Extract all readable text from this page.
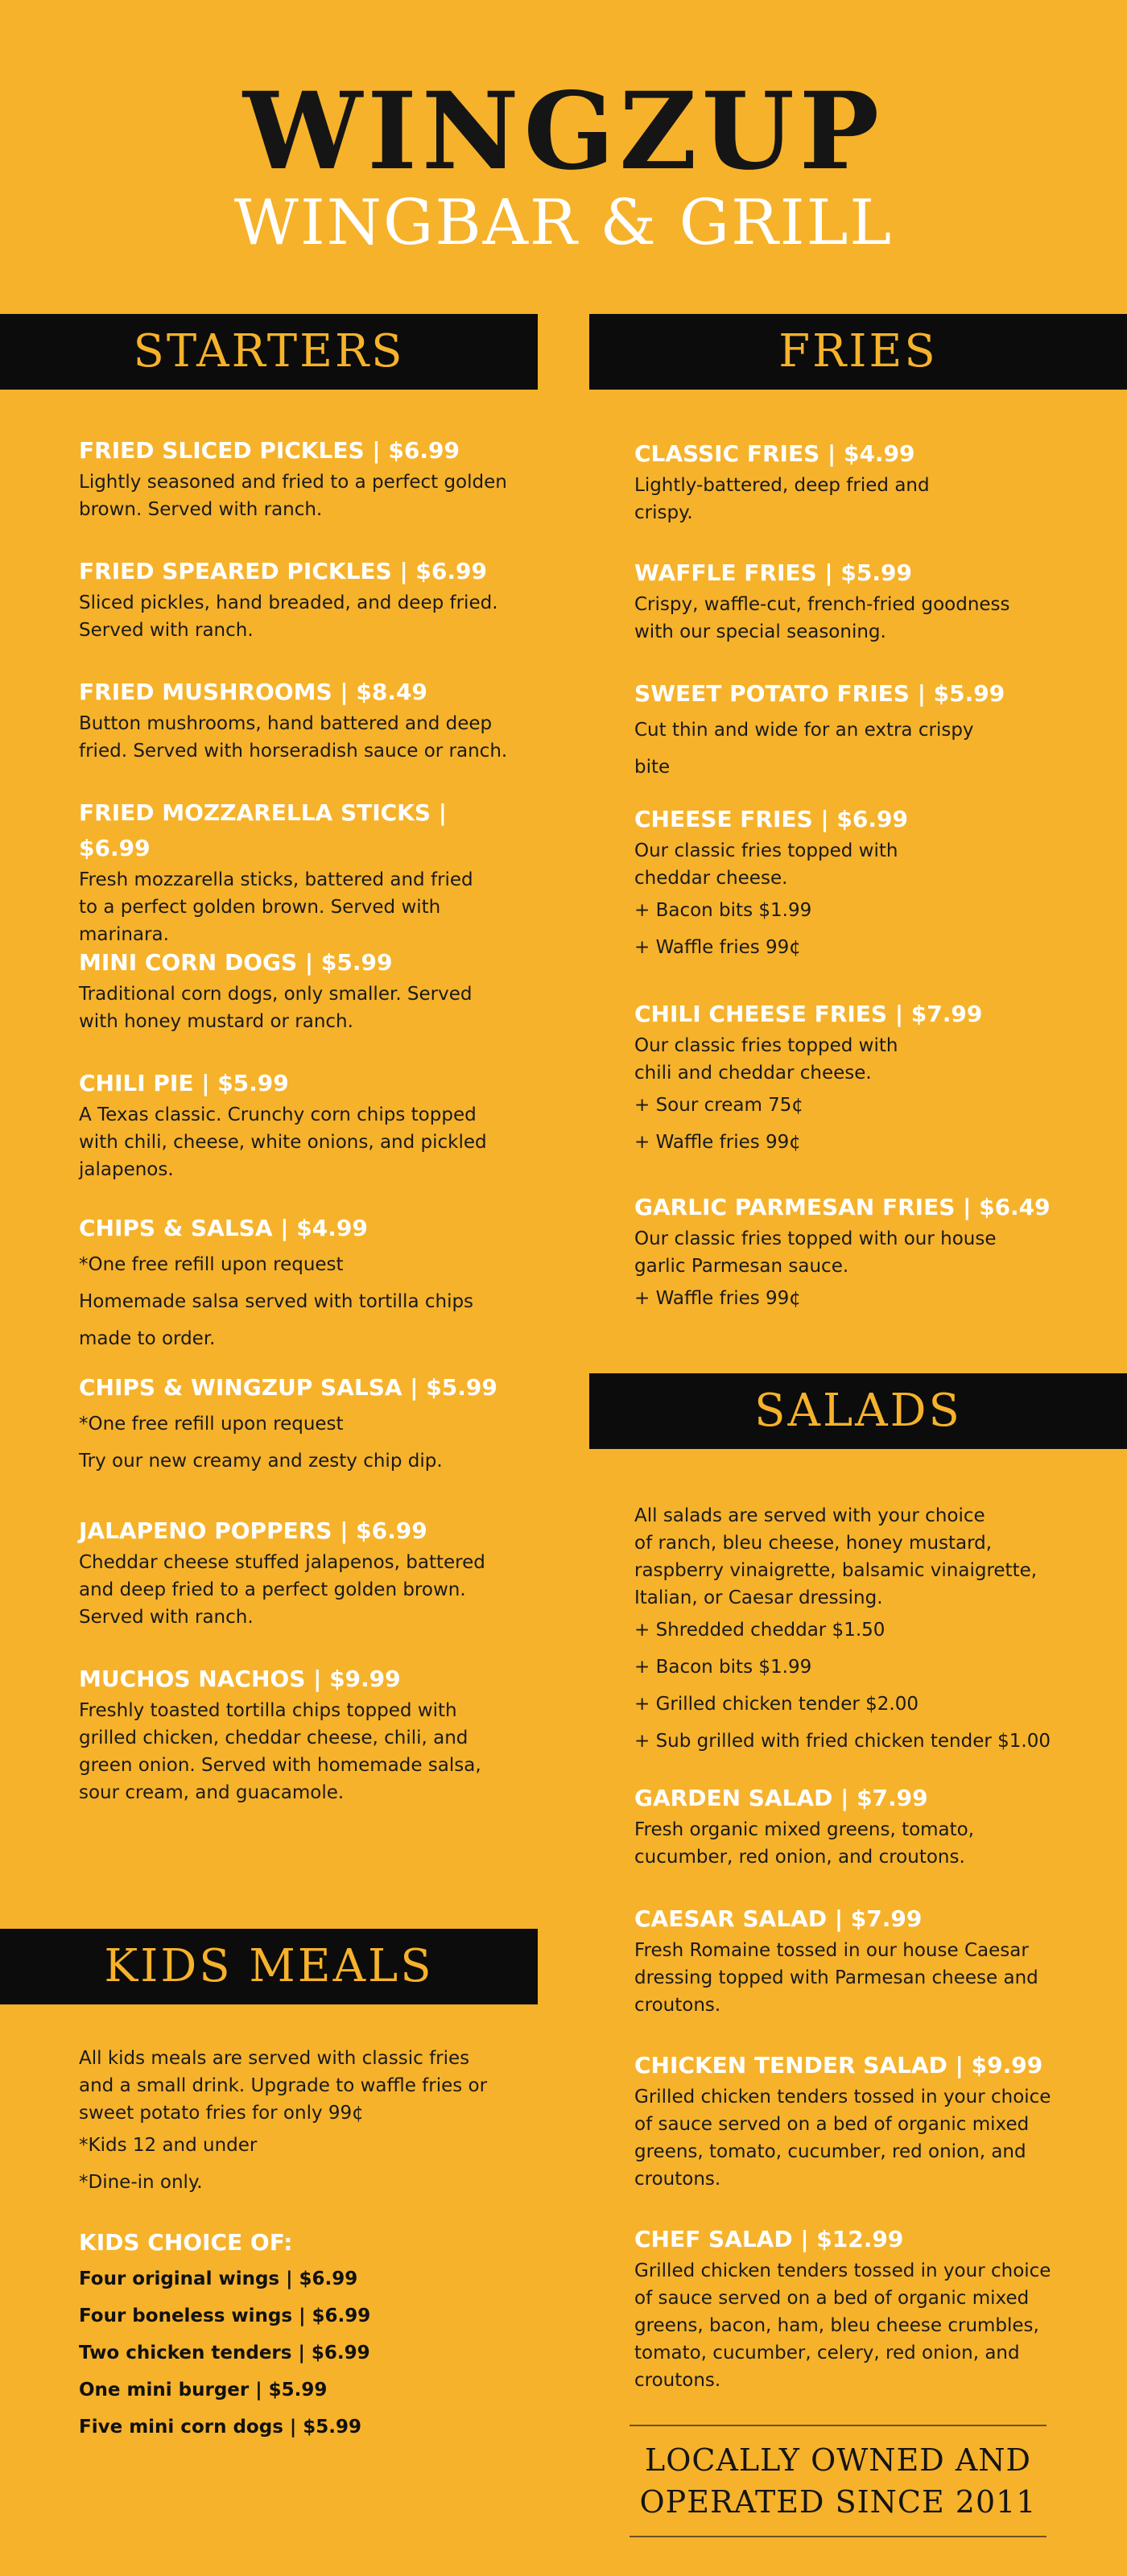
WINGZUP
WINGBAR & GRILL
STARTERS	FRIES
SALADS
KIDS MEALS
FRIED SLICED PICKLES | $6.99
Lightly seasoned and fried to a perfect golden
brown. Served with ranch.
FRIED SPEARED PICKLES | $6.99
Sliced pickles, hand breaded, and deep fried.
Served with ranch.
FRIED MUSHROOMS | $8.49
Button mushrooms, hand battered and deep
fried. Served with horseradish sauce or ranch.
FRIED MOZZARELLA STICKS | $6.99
Fresh mozzarella sticks, battered and fried
to a perfect golden brown. Served with
marinara.
MINI CORN DOGS | $5.99
Traditional corn dogs, only smaller. Served
with honey mustard or ranch.
CHILI PIE | $5.99
A Texas classic. Crunchy corn chips topped
with chili, cheese, white onions, and pickled
jalapenos.
CHIPS & SALSA | $4.99
*One free refill upon request
Homemade salsa served with tortilla chips
made to order.
CHIPS & WINGZUP SALSA | $5.99
*One free refill upon request
Try our new creamy and zesty chip dip.
JALAPENO POPPERS | $6.99
Cheddar cheese stuffed jalapenos, battered
and deep fried to a perfect golden brown.
Served with ranch.
MUCHOS NACHOS | $9.99
Freshly toasted tortilla chips topped with
grilled chicken, cheddar cheese, chili, and
green onion. Served with homemade salsa,
sour cream, and guacamole.
All kids meals are served with classic fries
and a small drink. Upgrade to waffle fries or
sweet potato fries for only 99¢
*Kids 12 and under
*Dine-in only.
KIDS CHOICE OF:
Four original wings | $6.99
Four boneless wings | $6.99
Two chicken tenders | $6.99
One mini burger | $5.99
Five mini corn dogs | $5.99
CLASSIC FRIES | $4.99
Lightly-battered, deep fried and
crispy.
WAFFLE FRIES | $5.99
Crispy, waffle-cut, french-fried goodness
with our special seasoning.
SWEET POTATO FRIES | $5.99
Cut thin and wide for an extra crispy
bite
CHEESE FRIES | $6.99
Our classic fries topped with
cheddar cheese.
+ Bacon bits $1.99
+ Waffle fries 99¢
CHILI CHEESE FRIES | $7.99
Our classic fries topped with
chili and cheddar cheese.
+ Sour cream 75¢
+ Waffle fries 99¢
GARLIC PARMESAN FRIES | $6.49
Our classic fries topped with our house
garlic Parmesan sauce.
+ Waffle fries 99¢
All salads are served with your choice
of ranch, bleu cheese, honey mustard,
raspberry vinaigrette, balsamic vinaigrette,
Italian, or Caesar dressing.
+ Shredded cheddar $1.50
+ Bacon bits $1.99
+ Grilled chicken tender $2.00
+ Sub grilled with fried chicken tender $1.00
GARDEN SALAD | $7.99
Fresh organic mixed greens, tomato,
cucumber, red onion, and croutons.
CAESAR SALAD | $7.99
Fresh Romaine tossed in our house Caesar
dressing topped with Parmesan cheese and
croutons.
CHICKEN TENDER SALAD | $9.99
Grilled chicken tenders tossed in your choice
of sauce served on a bed of organic mixed
greens, tomato, cucumber, red onion, and
croutons.
CHEF SALAD | $12.99
Grilled chicken tenders tossed in your choice
of sauce served on a bed of organic mixed
greens, bacon, ham, bleu cheese crumbles,
tomato, cucumber, celery, red onion, and
croutons.
LOCALLY OWNED AND
OPERATED SINCE 2011
